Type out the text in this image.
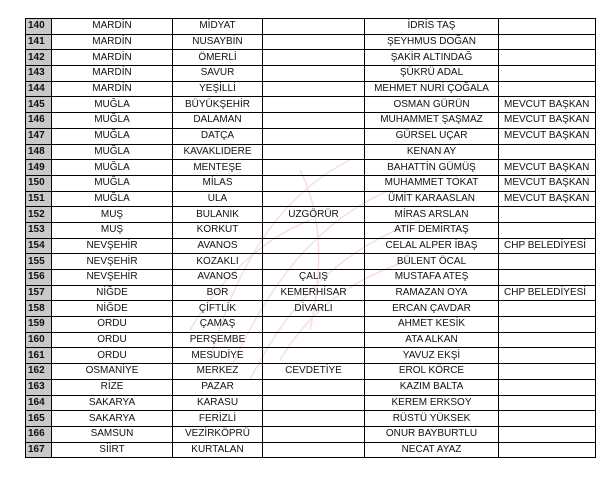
140	MARDİN	MİDYAT		İDRİS TAŞ	
141	MARDİN	NUSAYBİN		ŞEYHMUS DOĞAN	
142	MARDİN	ÖMERLİ		ŞAKİR ALTINDAĞ	
143	MARDİN	SAVUR		ŞÜKRÜ ADAL	
144	MARDİN	YEŞİLLİ		MEHMET NURİ ÇOĞALA	
145	MUĞLA	BÜYÜKŞEHİR		OSMAN GÜRÜN	MEVCUT BAŞKAN
146	MUĞLA	DALAMAN		MUHAMMET ŞAŞMAZ	MEVCUT BAŞKAN
147	MUĞLA	DATÇA		GÜRSEL UÇAR	MEVCUT BAŞKAN
148	MUĞLA	KAVAKLIDERE		KENAN AY	
149	MUĞLA	MENTEŞE		BAHATTİN GÜMÜŞ	MEVCUT BAŞKAN
150	MUĞLA	MİLAS		MUHAMMET TOKAT	MEVCUT BAŞKAN
151	MUĞLA	ULA		ÜMİT KARAASLAN	MEVCUT BAŞKAN
152	MUŞ	BULANIK	UZGÖRÜR	MİRAS ARSLAN	
153	MUŞ	KORKUT		ATIF DEMİRTAŞ	
154	NEVŞEHİR	AVANOS		CELAL ALPER İBAŞ	CHP BELEDİYESİ
155	NEVŞEHİR	KOZAKLI		BÜLENT ÖCAL	
156	NEVŞEHİR	AVANOS	ÇALIŞ	MUSTAFA ATEŞ	
157	NİĞDE	BOR	KEMERHİSAR	RAMAZAN OYA	CHP BELEDİYESİ
158	NİĞDE	ÇİFTLİK	DİVARLI	ERCAN ÇAVDAR	
159	ORDU	ÇAMAŞ		AHMET KESİK	
160	ORDU	PERŞEMBE		ATA ALKAN	
161	ORDU	MESUDİYE		YAVUZ EKŞİ	
162	OSMANİYE	MERKEZ	CEVDETİYE	EROL KÖRCE	
163	RİZE	PAZAR		KAZIM BALTA	
164	SAKARYA	KARASU		KEREM ERKSOY	
165	SAKARYA	FERİZLİ		RÜSTÜ YÜKSEK	
166	SAMSUN	VEZİRKÖPRÜ		ONUR BAYBURTLU	
167	SİİRT	KURTALAN		NECAT AYAZ	
